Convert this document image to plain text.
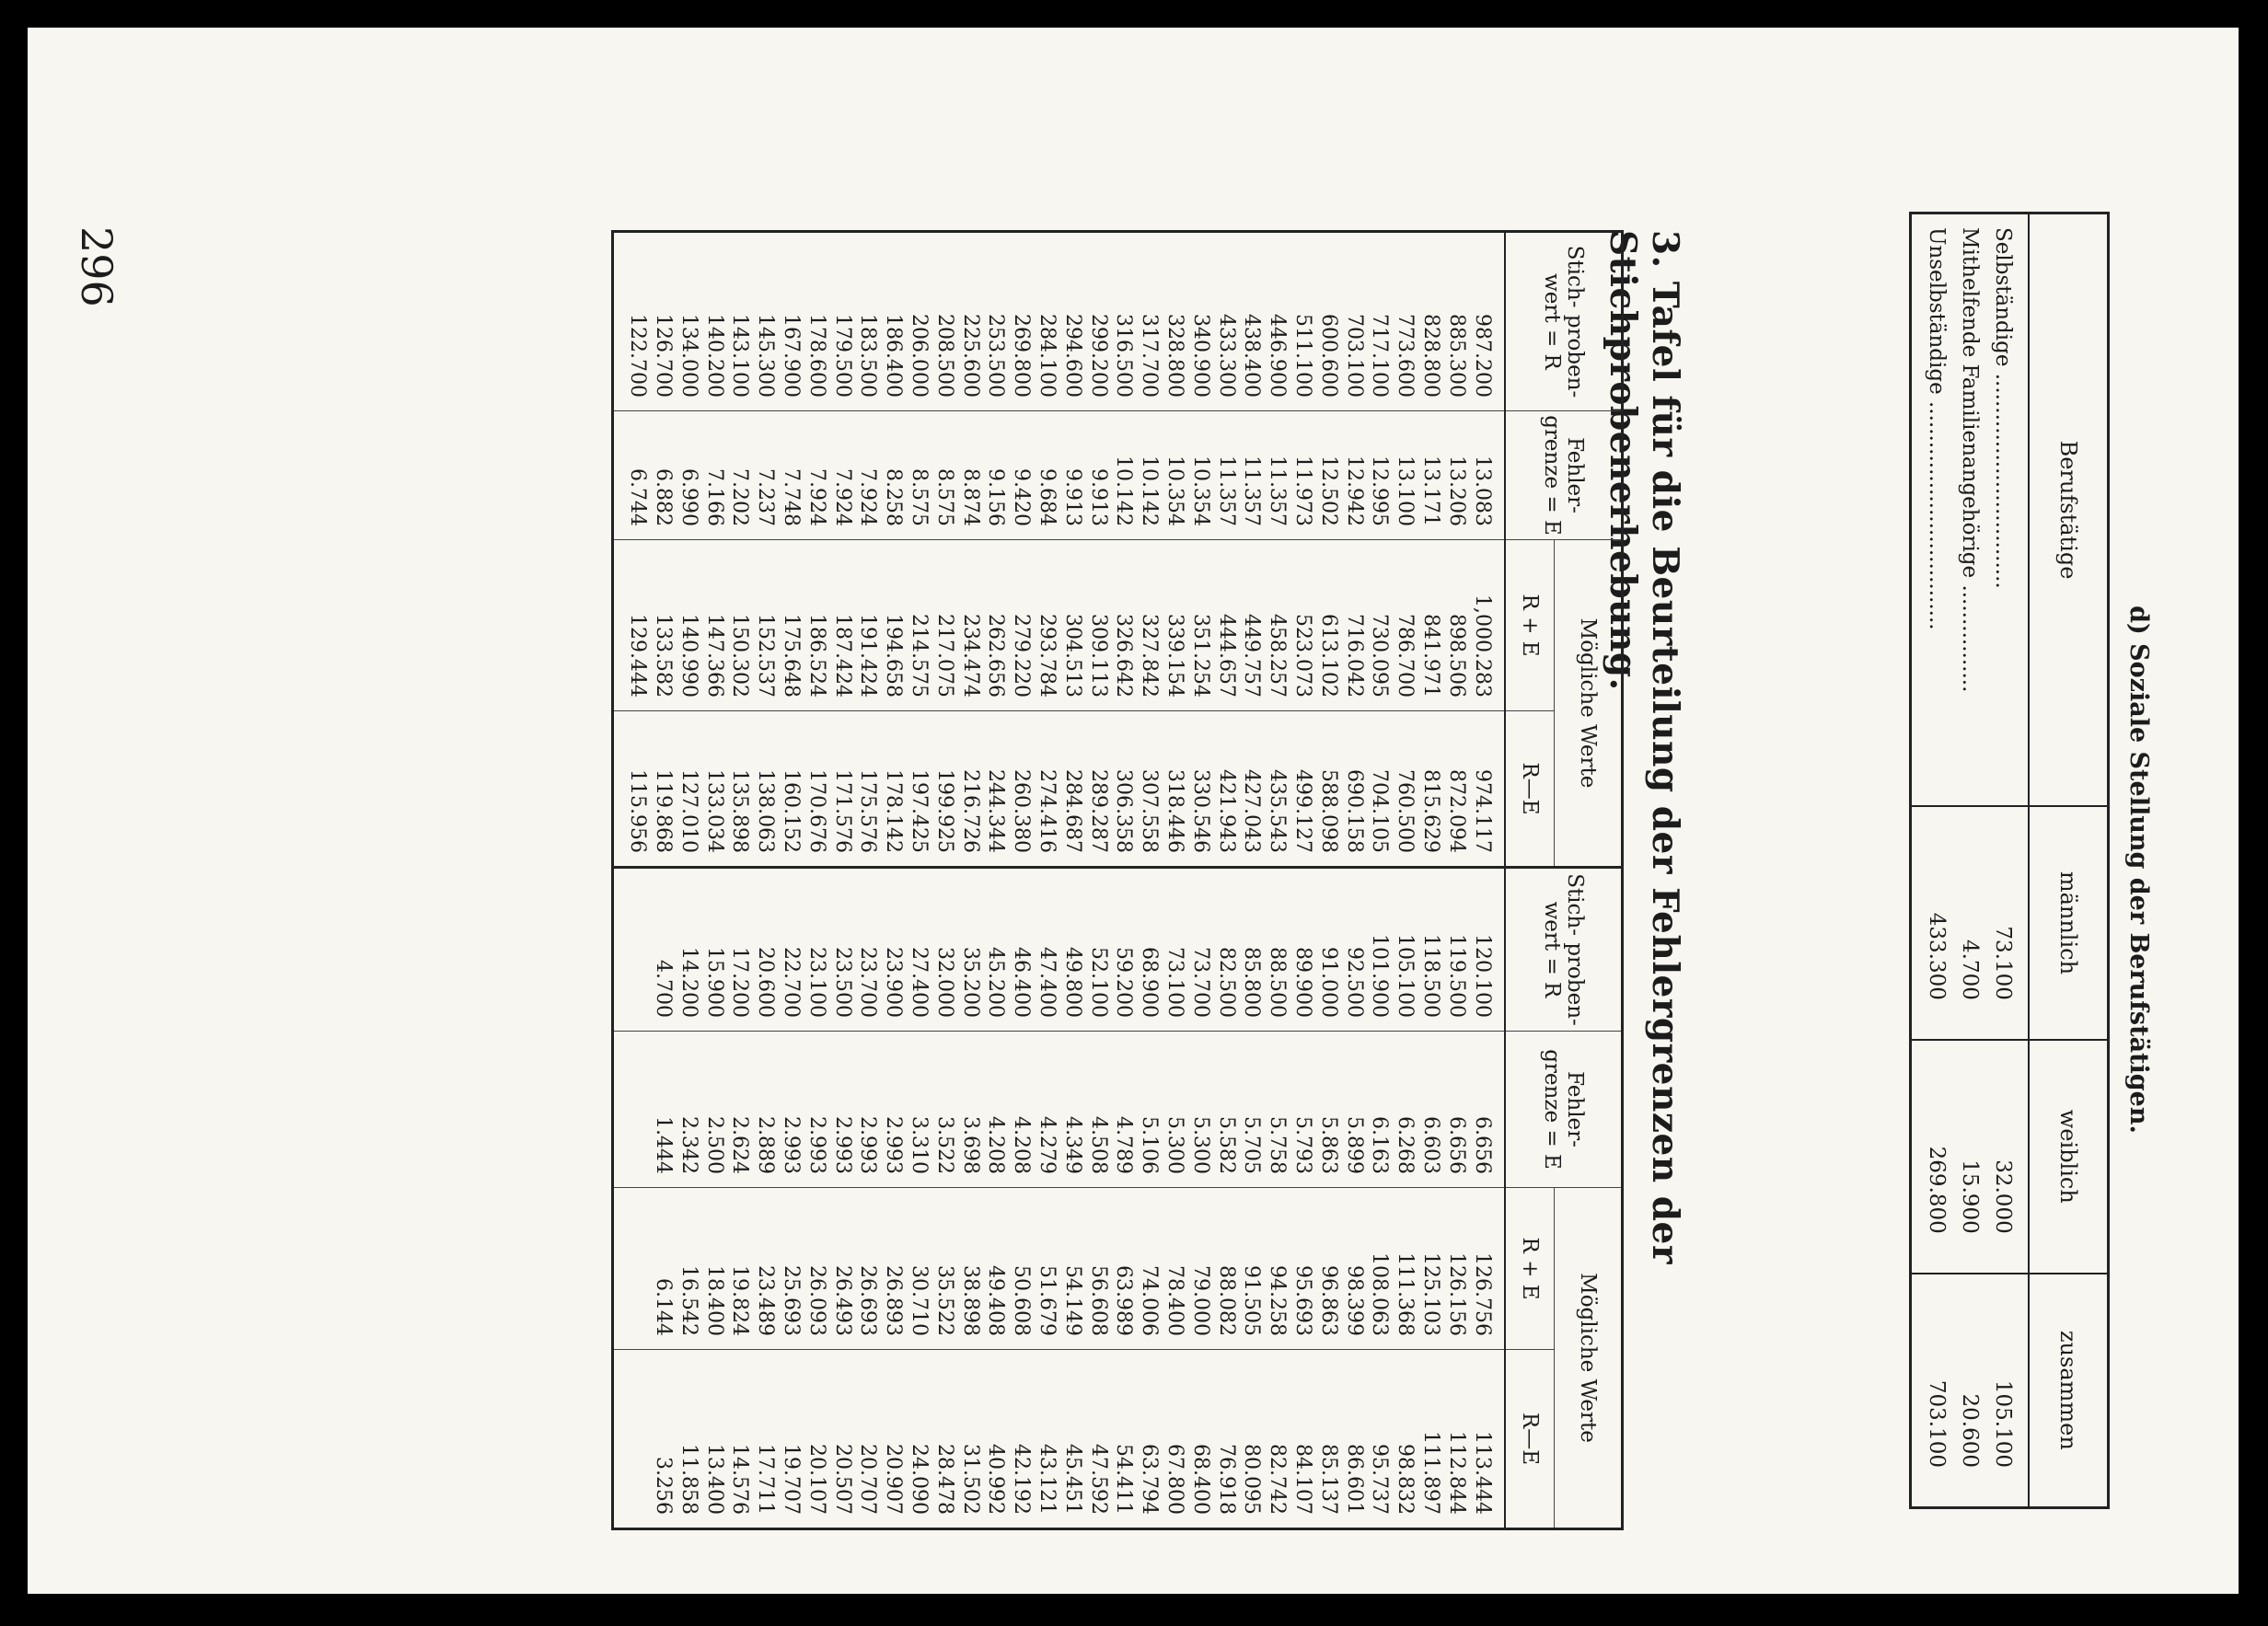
d) Soziale Stellung der Berufstätigen.
Berufstätige	männlich	weiblich	zusammen
Selbständige ................................	73.100	32.000	105.100
Mithelfende Familienangehörige ................	4.700	15.900	20.600
Unselbständige ..................................	433.300	269.800	703.100
3. Tafel für die Beurteilung der Fehlergrenzen der Stichprobenerhebung.
Stich- proben- wert = R	Fehler- grenze = E	Mögliche Werte		Stich- proben- wert = R	Fehler- grenze = E	Mögliche Werte	
		R + E	R—E			R + E	R—E
987.200	13.083	1,000.283	974.117	120.100	6.656	126.756	113.444
885.300	13.206	898.506	872.094	119.500	6.656	126.156	112.844
828.800	13.171	841.971	815.629	118.500	6.603	125.103	111.897
773.600	13.100	786.700	760.500	105.100	6.268	111.368	98.832
717.100	12.995	730.095	704.105	101.900	6.163	108.063	95.737
703.100	12.942	716.042	690.158	92.500	5.899	98.399	86.601
600.600	12.502	613.102	588.098	91.000	5.863	96.863	85.137
511.100	11.973	523.073	499.127	89.900	5.793	95.693	84.107
446.900	11.357	458.257	435.543	88.500	5.758	94.258	82.742
438.400	11.357	449.757	427.043	85.800	5.705	91.505	80.095
433.300	11.357	444.657	421.943	82.500	5.582	88.082	76.918
340.900	10.354	351.254	330.546	73.700	5.300	79.000	68.400
328.800	10.354	339.154	318.446	73.100	5.300	78.400	67.800
317.700	10.142	327.842	307.558	68.900	5.106	74.006	63.794
316.500	10.142	326.642	306.358	59.200	4.789	63.989	54.411
299.200	9.913	309.113	289.287	52.100	4.508	56.608	47.592
294.600	9.913	304.513	284.687	49.800	4.349	54.149	45.451
284.100	9.684	293.784	274.416	47.400	4.279	51.679	43.121
269.800	9.420	279.220	260.380	46.400	4.208	50.608	42.192
253.500	9.156	262.656	244.344	45.200	4.208	49.408	40.992
225.600	8.874	234.474	216.726	35.200	3.698	38.898	31.502
208.500	8.575	217.075	199.925	32.000	3.522	35.522	28.478
206.000	8.575	214.575	197.425	27.400	3.310	30.710	24.090
186.400	8.258	194.658	178.142	23.900	2.993	26.893	20.907
183.500	7.924	191.424	175.576	23.700	2.993	26.693	20.707
179.500	7.924	187.424	171.576	23.500	2.993	26.493	20.507
178.600	7.924	186.524	170.676	23.100	2.993	26.093	20.107
167.900	7.748	175.648	160.152	22.700	2.993	25.693	19.707
145.300	7.237	152.537	138.063	20.600	2.889	23.489	17.711
143.100	7.202	150.302	135.898	17.200	2.624	19.824	14.576
140.200	7.166	147.366	133.034	15.900	2.500	18.400	13.400
134.000	6.990	140.990	127.010	14.200	2.342	16.542	11.858
126.700	6.882	133.582	119.868	4.700	1.444	6.144	3.256
122.700	6.744	129.444	115.956				
296
